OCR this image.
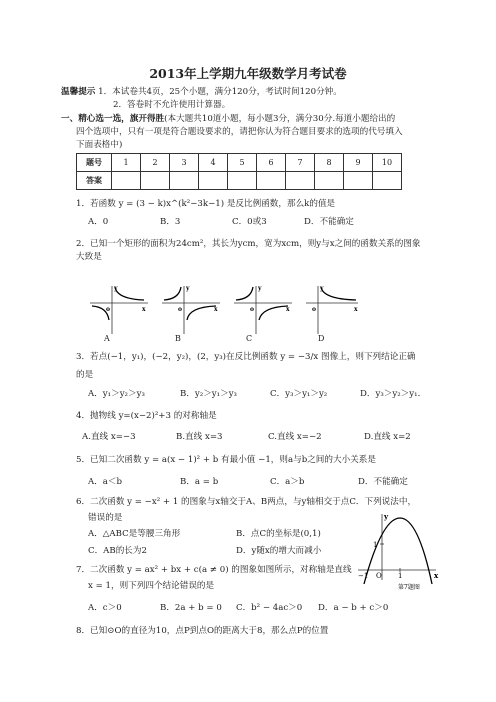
2013年上学期九年级数学月考试卷
温馨提示 1．本试卷共4页，25个小题，满分120分，考试时间120分钟。
2．答卷时不允许使用计算器。
一、精心选一选，旗开得胜(本大题共10道小题，每小题3分，满分30分.每道小题给出的
四个选项中，只有一项是符合题设要求的，请把你认为符合题目要求的选项的代号填入
下面表格中)
题号	1	2	3	4	5	6	7	8	9	10
答案										
1．若函数 y = (3 − k)x^(k²−3k−1) 是反比例函数，那么k的值是
A．0	B．3	C．0或3	D．不能确定
2．已知一个矩形的面积为24cm²，其长为ycm，宽为xcm，则y与x之间的函数关系的图象
大致是
y
o	x
y
o	x
y
o	x
y
o	x
A	B	C	D
3．若点(−1，y₁)，(−2，y₂)，(2，y₃)在反比例函数 y = −3/x 图像上，则下列结论正确
的是
A．y₁＞y₂＞y₃	B．y₂＞y₁＞y₃	C．y₃＞y₁＞y₂	D．y₃＞y₂＞y₁．
4．抛物线 y=(x−2)²+3 的对称轴是
A.直线 x=−3	B.直线 x=3	C.直线 x=−2	D.直线 x=2
5．已知二次函数 y = a(x − 1)² + b 有最小值 −1，则a与b之间的大小关系是
A．a＜b	B．a = b	C．a＞b	D．不能确定
6．二次函数 y = −x² + 1 的图象与x轴交于A、B两点，与y轴相交于点C．下列说法中，
错误的是
A．△ABC是等腰三角形	B．点C的坐标是(0,1)
C．AB的长为2	D．y随x的增大而减小
7．二次函数 y = ax² + bx + c(a ≠ 0) 的图象如图所示，对称轴是直线
x = 1，则下列四个结论错误的是
A．c＞0	B．2a + b = 0 C．b² − 4ac＞0 D．a − b + c＞0
y
x
1
−1 O 1
第7题图
8．已知⊙O的直径为10，点P到点O的距离大于8，那么点P的位置
